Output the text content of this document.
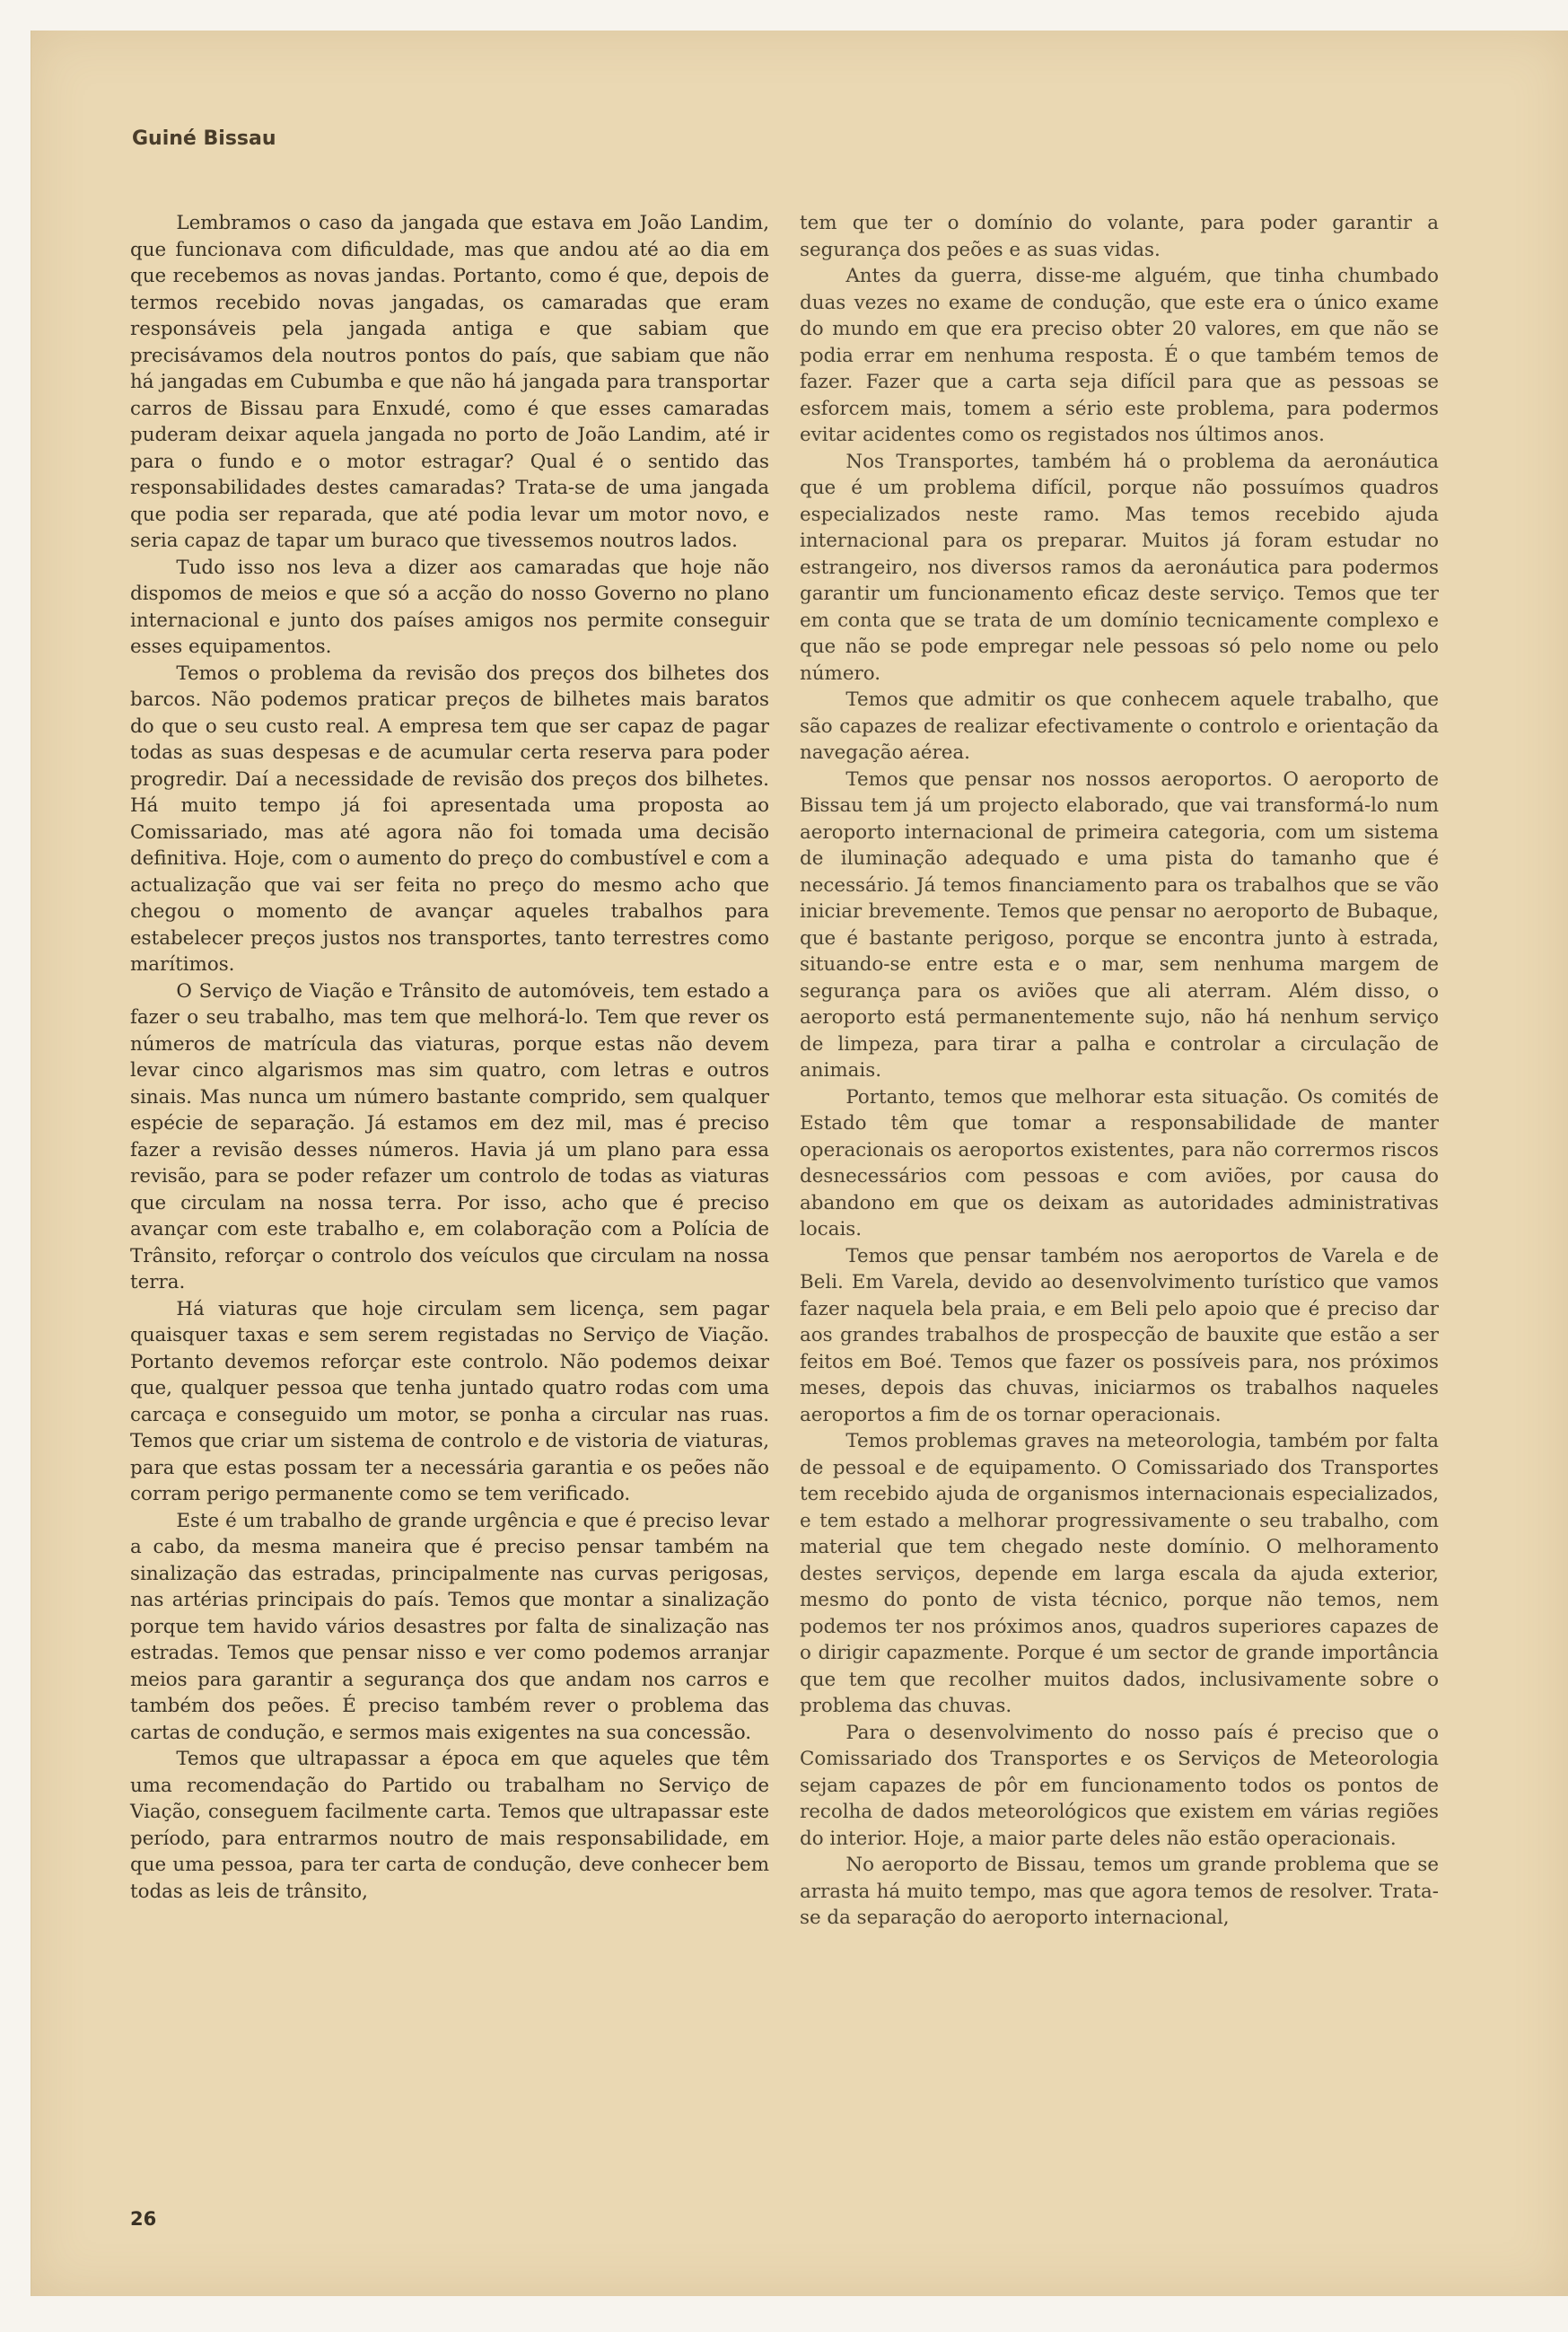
Guiné Bissau

Lembramos o caso da jangada que estava em João Landim, que funcionava com dificuldade, mas que andou até ao dia em que recebemos as novas jandas. Portanto, como é que, depois de termos recebido novas jangadas, os camaradas que eram responsáveis pela jangada antiga e que sabiam que precisávamos dela noutros pontos do país, que sabiam que não há jangadas em Cubumba e que não há jangada para transportar carros de Bissau para Enxudé, como é que esses camaradas puderam deixar aquela jangada no porto de João Landim, até ir para o fundo e o motor estragar? Qual é o sentido das responsabilidades destes camaradas? Trata-se de uma jangada que podia ser reparada, que até podia levar um motor novo, e seria capaz de tapar um buraco que tivessemos noutros lados.

Tudo isso nos leva a dizer aos camaradas que hoje não dispomos de meios e que só a acção do nosso Governo no plano internacional e junto dos países amigos nos permite conseguir esses equipamentos.

Temos o problema da revisão dos preços dos bilhetes dos barcos. Não podemos praticar preços de bilhetes mais baratos do que o seu custo real. A empresa tem que ser capaz de pagar todas as suas despesas e de acumular certa reserva para poder progredir. Daí a necessidade de revisão dos preços dos bilhetes. Há muito tempo já foi apresentada uma proposta ao Comissariado, mas até agora não foi tomada uma decisão definitiva. Hoje, com o aumento do preço do combustível e com a actualização que vai ser feita no preço do mesmo acho que chegou o momento de avançar aqueles trabalhos para estabelecer preços justos nos transportes, tanto terrestres como marítimos.

O Serviço de Viação e Trânsito de automóveis, tem estado a fazer o seu trabalho, mas tem que melhorá-lo. Tem que rever os números de matrícula das viaturas, porque estas não devem levar cinco algarismos mas sim quatro, com letras e outros sinais. Mas nunca um número bastante comprido, sem qualquer espécie de separação. Já estamos em dez mil, mas é preciso fazer a revisão desses números. Havia já um plano para essa revisão, para se poder refazer um controlo de todas as viaturas que circulam na nossa terra. Por isso, acho que é preciso avançar com este trabalho e, em colaboração com a Polícia de Trânsito, reforçar o controlo dos veículos que circulam na nossa terra.

Há viaturas que hoje circulam sem licença, sem pagar quaisquer taxas e sem serem registadas no Serviço de Viação. Portanto devemos reforçar este controlo. Não podemos deixar que, qualquer pessoa que tenha juntado quatro rodas com uma carcaça e conseguido um motor, se ponha a circular nas ruas. Temos que criar um sistema de controlo e de vistoria de viaturas, para que estas possam ter a necessária garantia e os peões não corram perigo permanente como se tem verificado.

Este é um trabalho de grande urgência e que é preciso levar a cabo, da mesma maneira que é preciso pensar também na sinalização das estradas, principalmente nas curvas perigosas, nas artérias principais do país. Temos que montar a sinalização porque tem havido vários desastres por falta de sinalização nas estradas. Temos que pensar nisso e ver como podemos arranjar meios para garantir a segurança dos que andam nos carros e também dos peões. É preciso também rever o problema das cartas de condução, e sermos mais exigentes na sua concessão.

Temos que ultrapassar a época em que aqueles que têm uma recomendação do Partido ou trabalham no Serviço de Viação, conseguem facilmente carta. Temos que ultrapassar este período, para entrarmos noutro de mais responsabilidade, em que uma pessoa, para ter carta de condução, deve conhecer bem todas as leis de trânsito,

tem que ter o domínio do volante, para poder garantir a segurança dos peões e as suas vidas.

Antes da guerra, disse-me alguém, que tinha chumbado duas vezes no exame de condução, que este era o único exame do mundo em que era preciso obter 20 valores, em que não se podia errar em nenhuma resposta. É o que também temos de fazer. Fazer que a carta seja difícil para que as pessoas se esforcem mais, tomem a sério este problema, para podermos evitar acidentes como os registados nos últimos anos.

Nos Transportes, também há o problema da aeronáutica que é um problema difícil, porque não possuímos quadros especializados neste ramo. Mas temos recebido ajuda internacional para os preparar. Muitos já foram estudar no estrangeiro, nos diversos ramos da aeronáutica para podermos garantir um funcionamento eficaz deste serviço. Temos que ter em conta que se trata de um domínio tecnicamente complexo e que não se pode empregar nele pessoas só pelo nome ou pelo número.

Temos que admitir os que conhecem aquele trabalho, que são capazes de realizar efectivamente o controlo e orientação da navegação aérea.

Temos que pensar nos nossos aeroportos. O aeroporto de Bissau tem já um projecto elaborado, que vai transformá-lo num aeroporto internacional de primeira categoria, com um sistema de iluminação adequado e uma pista do tamanho que é necessário. Já temos financiamento para os trabalhos que se vão iniciar brevemente. Temos que pensar no aeroporto de Bubaque, que é bastante perigoso, porque se encontra junto à estrada, situando-se entre esta e o mar, sem nenhuma margem de segurança para os aviões que ali aterram. Além disso, o aeroporto está permanentemente sujo, não há nenhum serviço de limpeza, para tirar a palha e controlar a circulação de animais.

Portanto, temos que melhorar esta situação. Os comités de Estado têm que tomar a responsabilidade de manter operacionais os aeroportos existentes, para não corrermos riscos desnecessários com pessoas e com aviões, por causa do abandono em que os deixam as autoridades administrativas locais.

Temos que pensar também nos aeroportos de Varela e de Beli. Em Varela, devido ao desenvolvimento turístico que vamos fazer naquela bela praia, e em Beli pelo apoio que é preciso dar aos grandes trabalhos de prospecção de bauxite que estão a ser feitos em Boé. Temos que fazer os possíveis para, nos próximos meses, depois das chuvas, iniciarmos os trabalhos naqueles aeroportos a fim de os tornar operacionais.

Temos problemas graves na meteorologia, também por falta de pessoal e de equipamento. O Comissariado dos Transportes tem recebido ajuda de organismos internacionais especializados, e tem estado a melhorar progressivamente o seu trabalho, com material que tem chegado neste domínio. O melhoramento destes serviços, depende em larga escala da ajuda exterior, mesmo do ponto de vista técnico, porque não temos, nem podemos ter nos próximos anos, quadros superiores capazes de o dirigir capazmente. Porque é um sector de grande importância que tem que recolher muitos dados, inclusivamente sobre o problema das chuvas.

Para o desenvolvimento do nosso país é preciso que o Comissariado dos Transportes e os Serviços de Meteorologia sejam capazes de pôr em funcionamento todos os pontos de recolha de dados meteorológicos que existem em várias regiões do interior. Hoje, a maior parte deles não estão operacionais.

No aeroporto de Bissau, temos um grande problema que se arrasta há muito tempo, mas que agora temos de resolver. Trata-se da separação do aeroporto internacional,

26
